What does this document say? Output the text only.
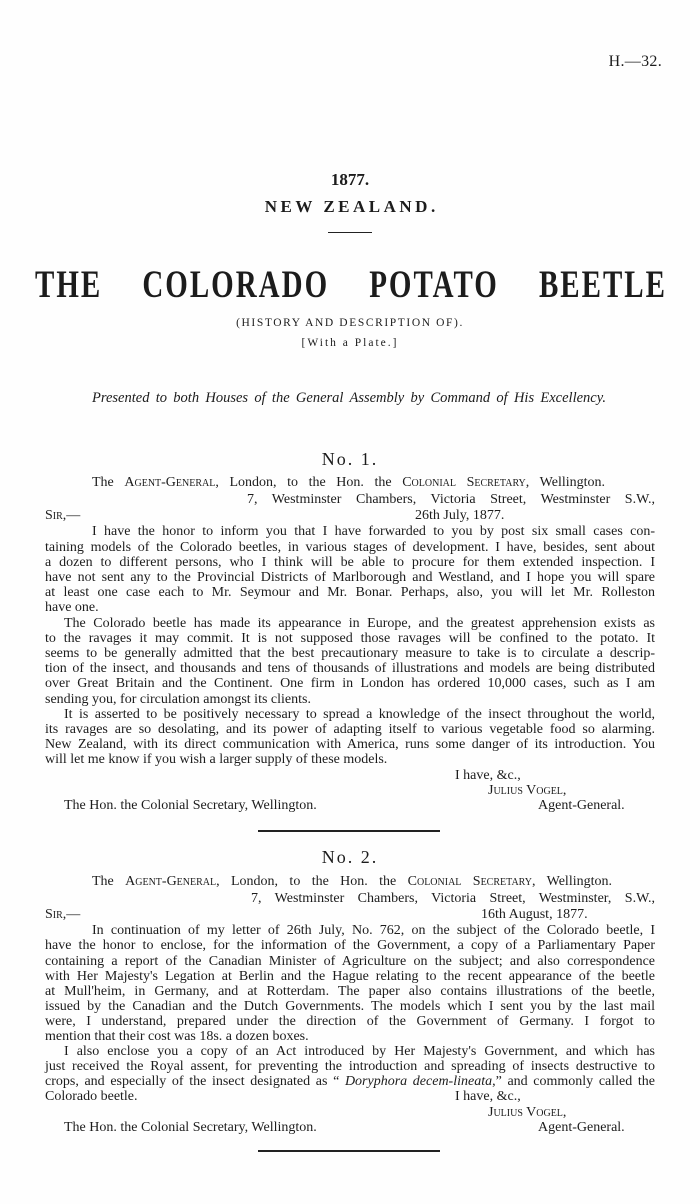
H.—32.
1877.
NEW ZEALAND.
THE COLORADO POTATO BEETLE
(HISTORY AND DESCRIPTION OF).
[With a Plate.]
Presented to both Houses of the General Assembly by Command of His Excellency.
No. 1.
The Agent-General, London, to the Hon. the Colonial Secretary, Wellington.
7, Westminster Chambers, Victoria Street, Westminster S.W.,
Sir,—	26th July, 1877.
I have the honor to inform you that I have forwarded to you by post six small cases con-
taining models of the Colorado beetles, in various stages of development. I have, besides, sent about
a dozen to different persons, who I think will be able to procure for them extended inspection. I
have not sent any to the Provincial Districts of Marlborough and Westland, and I hope you will spare
at least one case each to Mr. Seymour and Mr. Bonar. Perhaps, also, you will let Mr. Rolleston
have one.
The Colorado beetle has made its appearance in Europe, and the greatest apprehension exists as
to the ravages it may commit. It is not supposed those ravages will be confined to the potato. It
seems to be generally admitted that the best precautionary measure to take is to circulate a descrip-
tion of the insect, and thousands and tens of thousands of illustrations and models are being distributed
over Great Britain and the Continent. One firm in London has ordered 10,000 cases, such as I am
sending you, for circulation amongst its clients.
It is asserted to be positively necessary to spread a knowledge of the insect throughout the world,
its ravages are so desolating, and its power of adapting itself to various vegetable food so alarming.
New Zealand, with its direct communication with America, runs some danger of its introduction. You
will let me know if you wish a larger supply of these models.
I have, &c.,
Julius Vogel,
The Hon. the Colonial Secretary, Wellington.	Agent-General.
No. 2.
The Agent-General, London, to the Hon. the Colonial Secretary, Wellington.
7, Westminster Chambers, Victoria Street, Westminster, S.W.,
Sir,—	16th August, 1877.
In continuation of my letter of 26th July, No. 762, on the subject of the Colorado beetle, I
have the honor to enclose, for the information of the Government, a copy of a Parliamentary Paper
containing a report of the Canadian Minister of Agriculture on the subject; and also correspondence
with Her Majesty's Legation at Berlin and the Hague relating to the recent appearance of the beetle
at Mull'heim, in Germany, and at Rotterdam. The paper also contains illustrations of the beetle,
issued by the Canadian and the Dutch Governments. The models which I sent you by the last mail
were, I understand, prepared under the direction of the Government of Germany. I forgot to
mention that their cost was 18s. a dozen boxes.
I also enclose you a copy of an Act introduced by Her Majesty's Government, and which has
just received the Royal assent, for preventing the introduction and spreading of insects destructive to
crops, and especially of the insect designated as “ Doryphora decem-lineata,” and commonly called the
Colorado beetle.	I have, &c.,
Julius Vogel,
The Hon. the Colonial Secretary, Wellington.	Agent-General.
